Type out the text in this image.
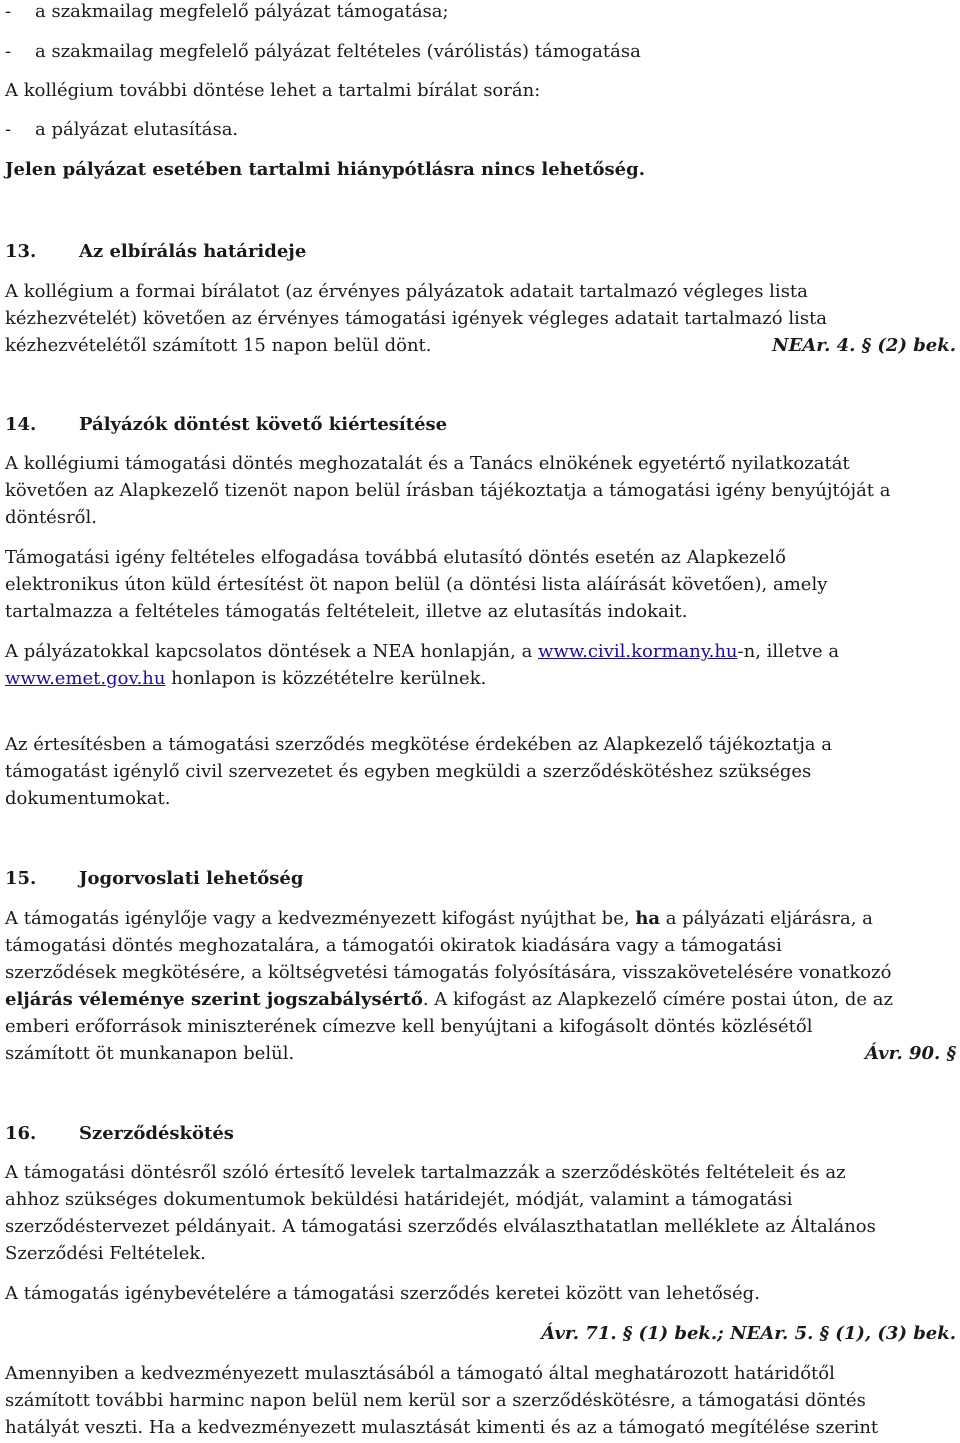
- a szakmailag megfelelő pályázat támogatása;
- a szakmailag megfelelő pályázat feltételes (várólistás) támogatása
A kollégium további döntése lehet a tartalmi bírálat során:
- a pályázat elutasítása.
Jelen pályázat esetében tartalmi hiánypótlásra nincs lehetőség.
13. Az elbírálás határideje
A kollégium a formai bírálatot (az érvényes pályázatok adatait tartalmazó végleges lista
kézhezvételét) követően az érvényes támogatási igények végleges adatait tartalmazó lista
kézhezvételétől számított 15 napon belül dönt.	NEAr. 4. § (2) bek.
14. Pályázók döntést követő kiértesítése
A kollégiumi támogatási döntés meghozatalát és a Tanács elnökének egyetértő nyilatkozatát
követően az Alapkezelő tizenöt napon belül írásban tájékoztatja a támogatási igény benyújtóját a
döntésről.
Támogatási igény feltételes elfogadása továbbá elutasító döntés esetén az Alapkezelő
elektronikus úton küld értesítést öt napon belül (a döntési lista aláírását követően), amely
tartalmazza a feltételes támogatás feltételeit, illetve az elutasítás indokait.
A pályázatokkal kapcsolatos döntések a NEA honlapján, a www.civil.kormany.hu-n, illetve a
www.emet.gov.hu honlapon is közzétételre kerülnek.
Az értesítésben a támogatási szerződés megkötése érdekében az Alapkezelő tájékoztatja a
támogatást igénylő civil szervezetet és egyben megküldi a szerződéskötéshez szükséges
dokumentumokat.
15. Jogorvoslati lehetőség
A támogatás igénylője vagy a kedvezményezett kifogást nyújthat be, ha a pályázati eljárásra, a
támogatási döntés meghozatalára, a támogatói okiratok kiadására vagy a támogatási
szerződések megkötésére, a költségvetési támogatás folyósítására, visszakövetelésére vonatkozó
eljárás véleménye szerint jogszabálysértő. A kifogást az Alapkezelő címére postai úton, de az
emberi erőforrások miniszterének címezve kell benyújtani a kifogásolt döntés közlésétől
számított öt munkanapon belül.	Ávr. 90. §
16. Szerződéskötés
A támogatási döntésről szóló értesítő levelek tartalmazzák a szerződéskötés feltételeit és az
ahhoz szükséges dokumentumok beküldési határidejét, módját, valamint a támogatási
szerződéstervezet példányait. A támogatási szerződés elválaszthatatlan melléklete az Általános
Szerződési Feltételek.
A támogatás igénybevételére a támogatási szerződés keretei között van lehetőség.
Ávr. 71. § (1) bek.; NEAr. 5. § (1), (3) bek.
Amennyiben a kedvezményezett mulasztásából a támogató által meghatározott határidőtől
számított további harminc napon belül nem kerül sor a szerződéskötésre, a támogatási döntés
hatályát veszti. Ha a kedvezményezett mulasztását kimenti és az a támogató megítélése szerint
